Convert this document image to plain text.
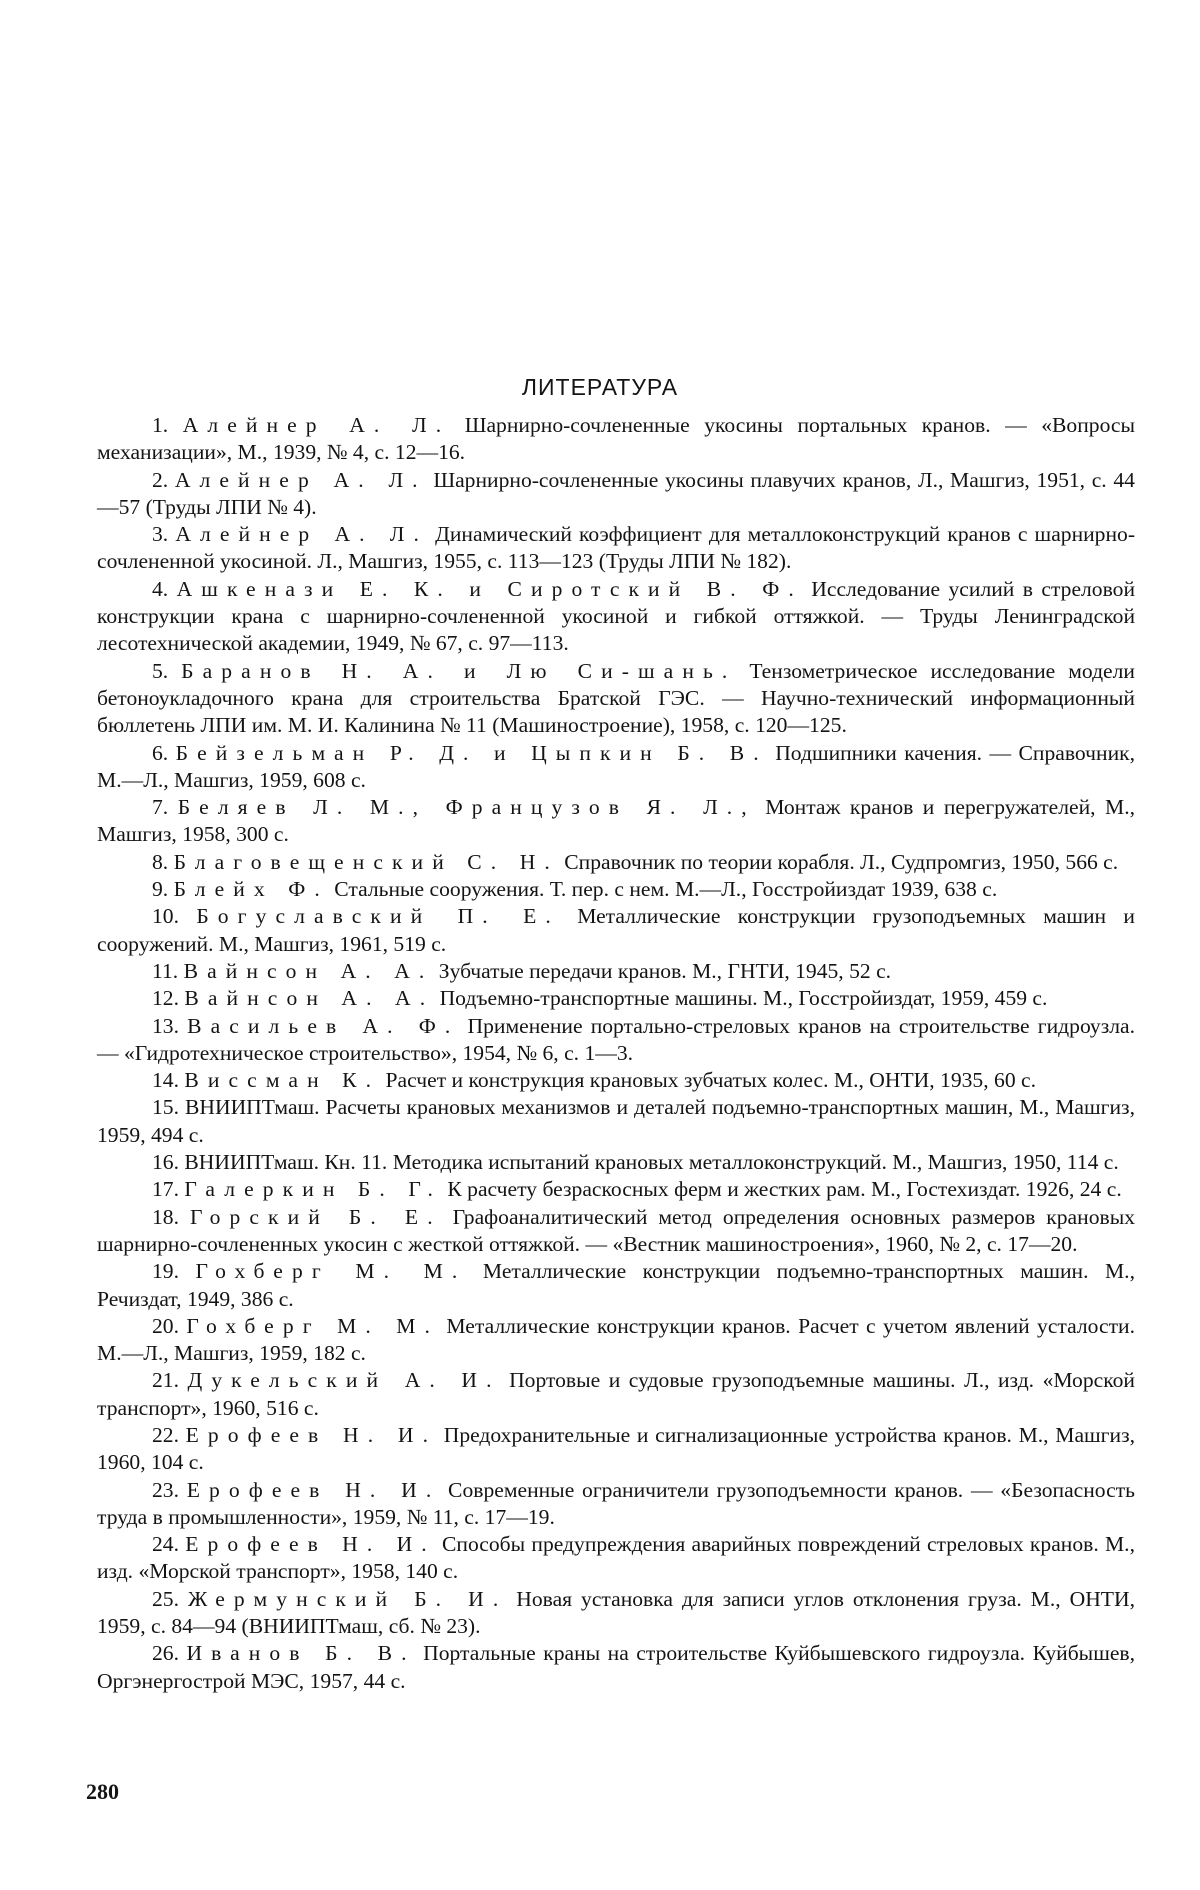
ЛИТЕРАТУРА

1. Алейнер А. Л. Шарнирно-сочлененные укосины портальных кранов. — «Вопросы механизации», М., 1939, № 4, с. 12—16.

2. Алейнер А. Л. Шарнирно-сочлененные укосины плавучих кранов, Л., Машгиз, 1951, с. 44—57 (Труды ЛПИ № 4).

3. Алейнер А. Л. Динамический коэффициент для металлоконструкций кранов с шарнирно-сочлененной укосиной. Л., Машгиз, 1955, с. 113—123 (Труды ЛПИ № 182).

4. Ашкенази Е. К. и Сиротский В. Ф. Исследование усилий в стреловой конструкции крана с шарнирно-сочлененной укосиной и гибкой оттяжкой. — Труды Ленинградской лесотехнической академии, 1949, № 67, с. 97—113.

5. Баранов Н. А. и Лю Си-шань. Тензометрическое исследование модели бетоноукладочного крана для строительства Братской ГЭС. — Научно-технический информационный бюллетень ЛПИ им. М. И. Калинина № 11 (Машиностроение), 1958, с. 120—125.

6. Бейзельман Р. Д. и Цыпкин Б. В. Подшипники качения. — Справочник, М.—Л., Машгиз, 1959, 608 с.

7. Беляев Л. М., Французов Я. Л., Монтаж кранов и перегружателей, М., Машгиз, 1958, 300 с.

8. Благовещенский С. Н. Справочник по теории корабля. Л., Судпромгиз, 1950, 566 с.

9. Блейх Ф. Стальные сооружения. Т. пер. с нем. М.—Л., Госстройиздат 1939, 638 с.

10. Богуславский П. Е. Металлические конструкции грузоподъемных машин и сооружений. М., Машгиз, 1961, 519 с.

11. Вайнсон А. А. Зубчатые передачи кранов. М., ГНТИ, 1945, 52 с.

12. Вайнсон А. А. Подъемно-транспортные машины. М., Госстройиздат, 1959, 459 с.

13. Васильев А. Ф. Применение портально-стреловых кранов на строительстве гидроузла. — «Гидротехническое строительство», 1954, № 6, с. 1—3.

14. Виссман К. Расчет и конструкция крановых зубчатых колес. М., ОНТИ, 1935, 60 с.

15. ВНИИПТмаш. Расчеты крановых механизмов и деталей подъемно-транспортных машин, М., Машгиз, 1959, 494 с.

16. ВНИИПТмаш. Кн. 11. Методика испытаний крановых металлоконструкций. М., Машгиз, 1950, 114 с.

17. Галеркин Б. Г. К расчету безраскосных ферм и жестких рам. М., Гостехиздат. 1926, 24 с.

18. Горский Б. Е. Графоаналитический метод определения основных размеров крановых шарнирно-сочлененных укосин с жесткой оттяжкой. — «Вестник машиностроения», 1960, № 2, с. 17—20.

19. Гохберг М. М. Металлические конструкции подъемно-транспортных машин. М., Речиздат, 1949, 386 с.

20. Гохберг М. М. Металлические конструкции кранов. Расчет с учетом явлений усталости. М.—Л., Машгиз, 1959, 182 с.

21. Дукельский А. И. Портовые и судовые грузоподъемные машины. Л., изд. «Морской транспорт», 1960, 516 с.

22. Ерофеев Н. И. Предохранительные и сигнализационные устройства кранов. М., Машгиз, 1960, 104 с.

23. Ерофеев Н. И. Современные ограничители грузоподъемности кранов. — «Безопасность труда в промышленности», 1959, № 11, с. 17—19.

24. Ерофеев Н. И. Способы предупреждения аварийных повреждений стреловых кранов. М., изд. «Морской транспорт», 1958, 140 с.

25. Жермунский Б. И. Новая установка для записи углов отклонения груза. М., ОНТИ, 1959, с. 84—94 (ВНИИПТмаш, сб. № 23).

26. Иванов Б. В. Портальные краны на строительстве Куйбышевского гидроузла. Куйбышев, Оргэнергострой МЭС, 1957, 44 с.

280
